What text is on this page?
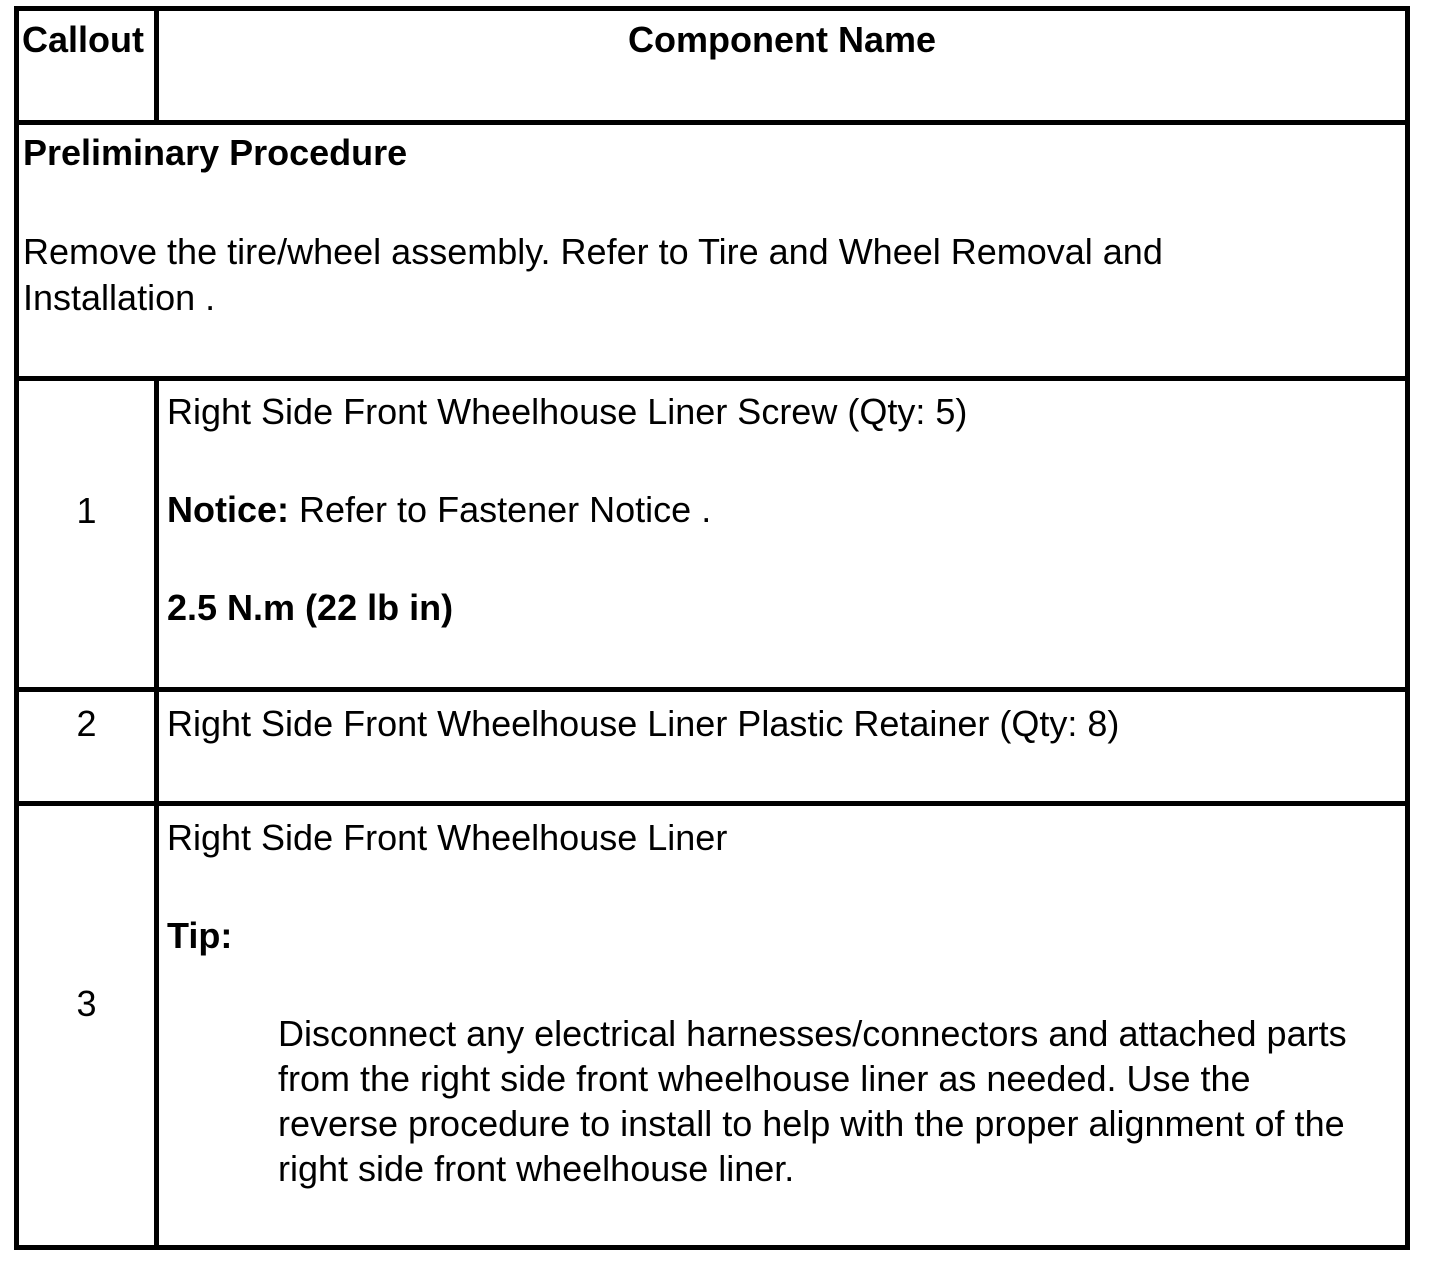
Callout	Component Name
Preliminary Procedure
Remove the tire/wheel assembly. Refer to Tire and Wheel Removal and
Installation .
1
Right Side Front Wheelhouse Liner Screw (Qty: 5)
Notice: Refer to Fastener Notice .
2.5 N.m (22 lb in)
2	Right Side Front Wheelhouse Liner Plastic Retainer (Qty: 8)
3
Right Side Front Wheelhouse Liner
Tip:
Disconnect any electrical harnesses/connectors and attached parts
from the right side front wheelhouse liner as needed. Use the
reverse procedure to install to help with the proper alignment of the
right side front wheelhouse liner.
